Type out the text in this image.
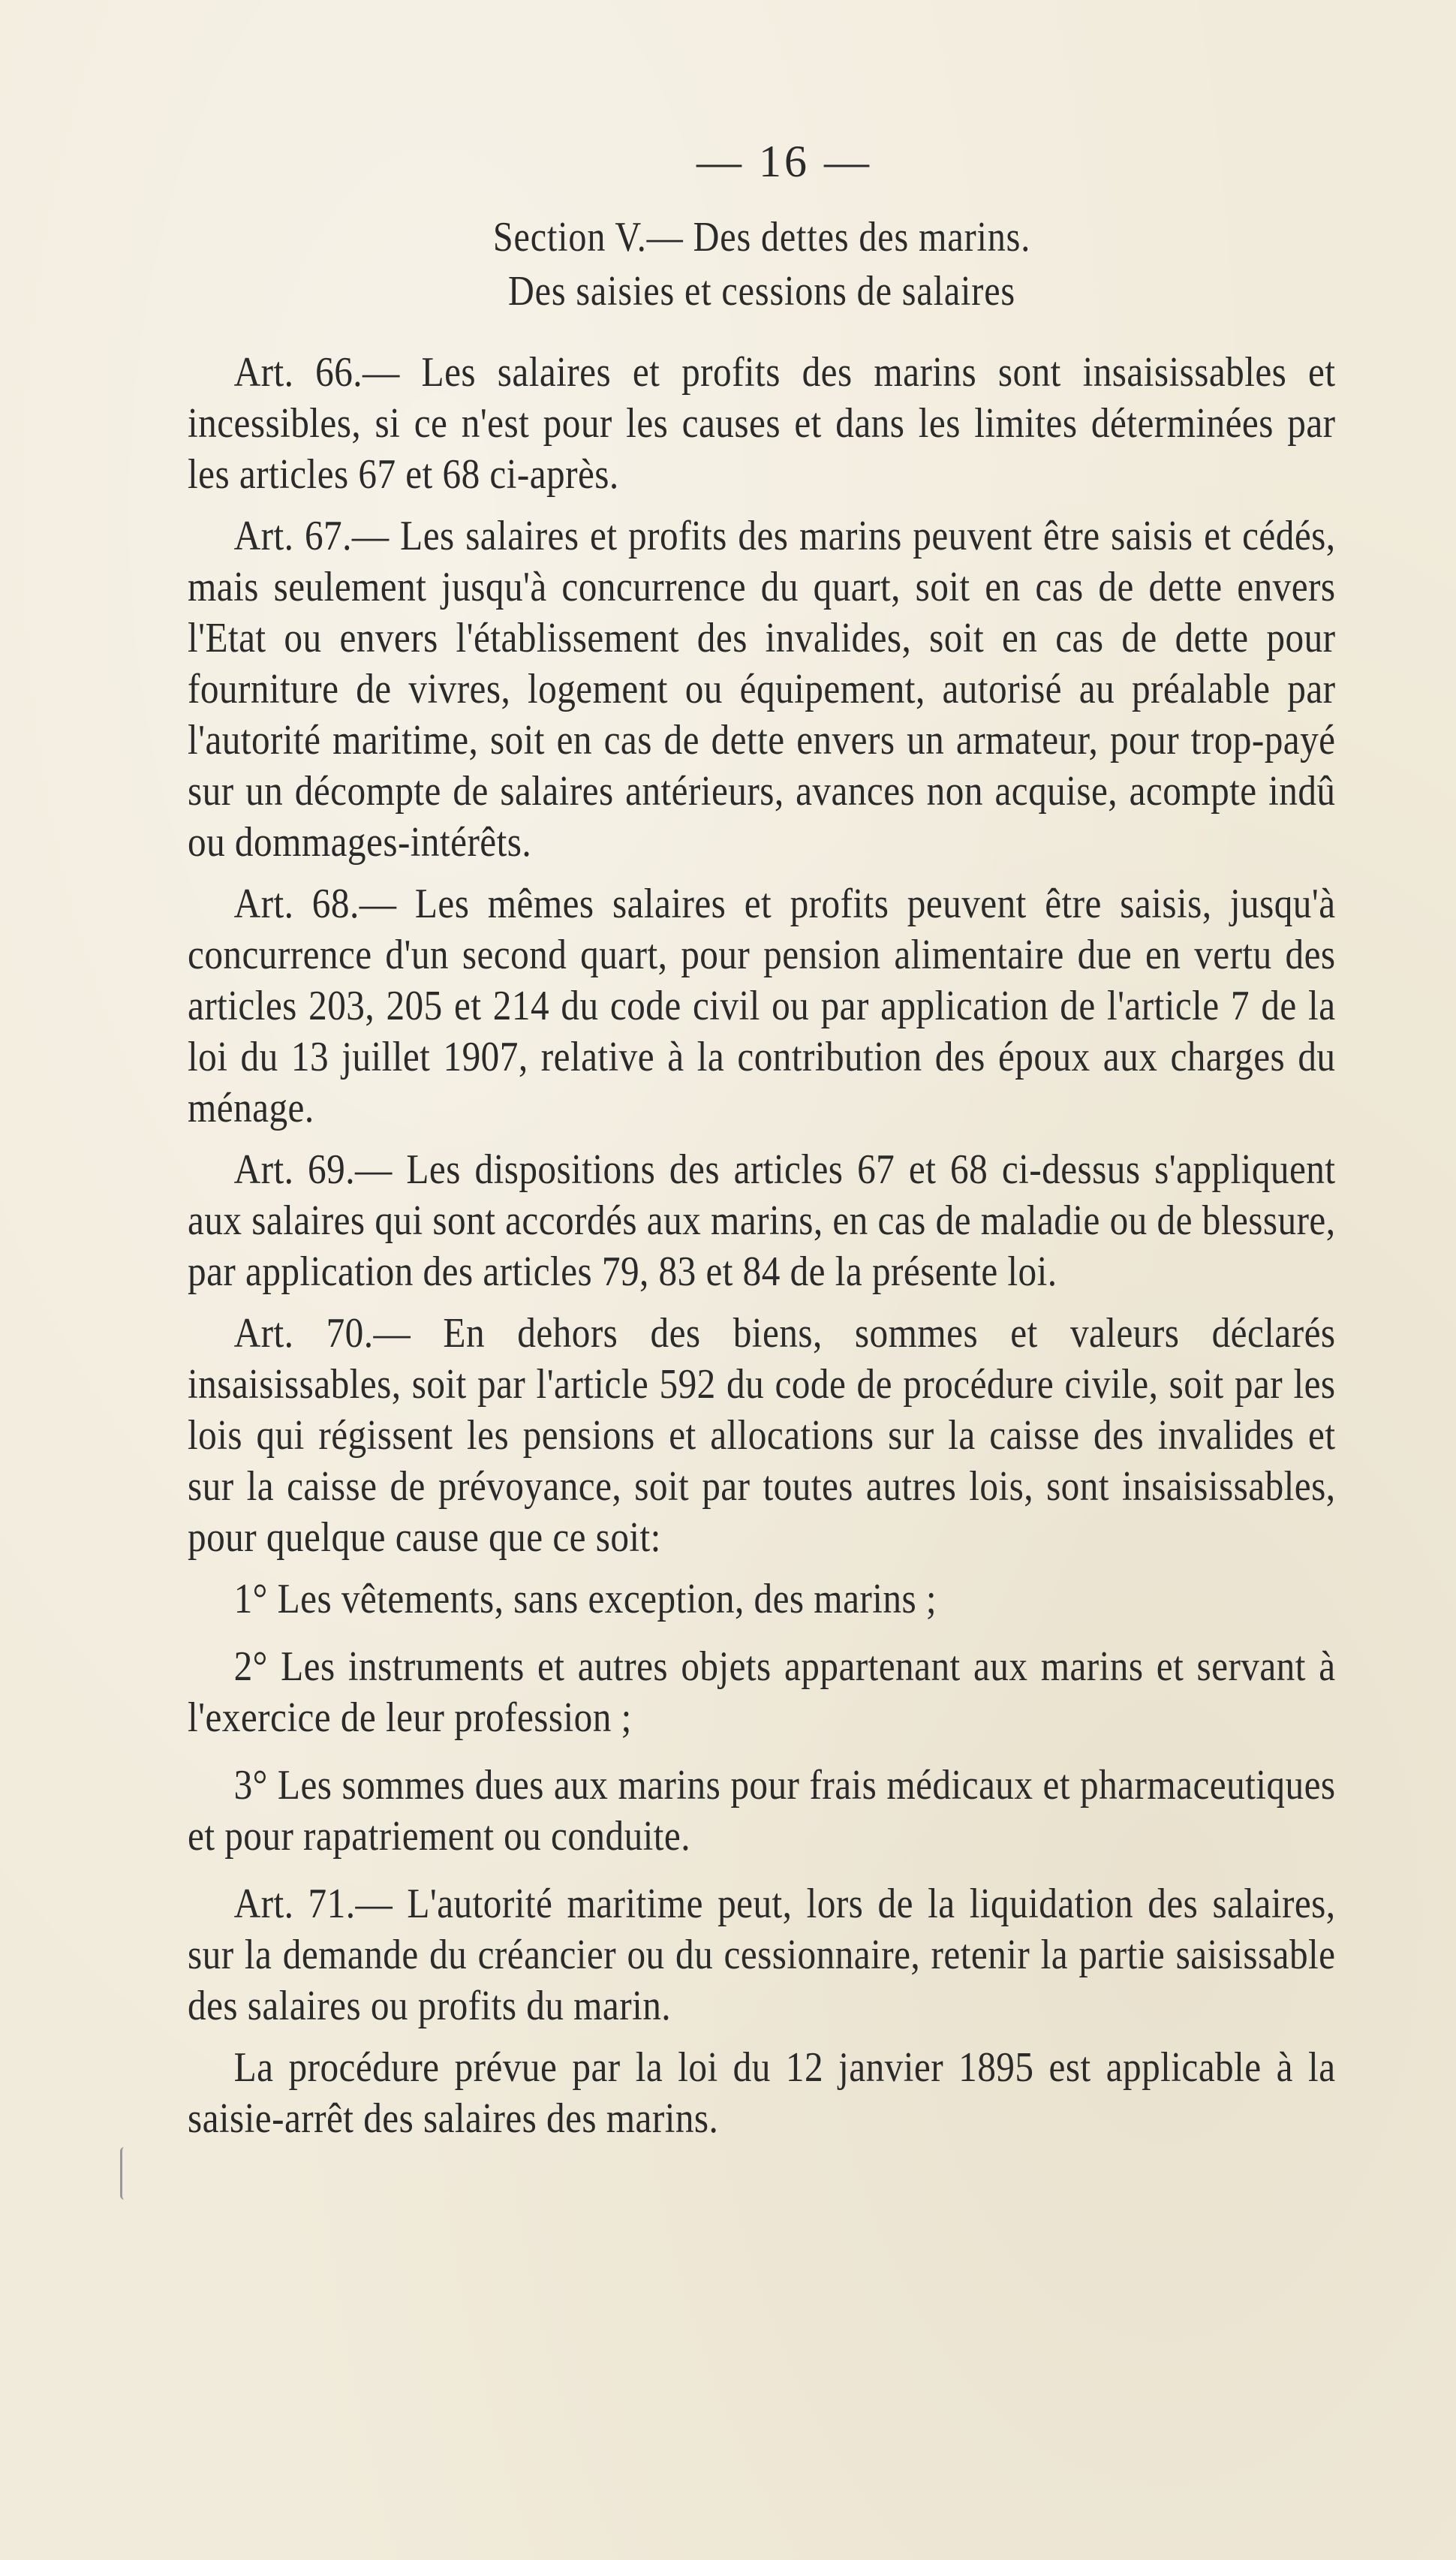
— 16 —
Section V.— Des dettes des marins.
Des saisies et cessions de salaires

Art. 66.— Les salaires et profits des marins sont insaisissables et incessibles, si ce n'est pour les causes et dans les limites déterminées par les articles 67 et 68 ci-après.

Art. 67.— Les salaires et profits des marins peuvent être saisis et cédés, mais seulement jusqu'à concurrence du quart, soit en cas de dette envers l'Etat ou envers l'établissement des invalides, soit en cas de dette pour fourniture de vivres, logement ou équipement, autorisé au préalable par l'autorité maritime, soit en cas de dette envers un armateur, pour trop-payé sur un décompte de salaires antérieurs, avances non acquise, acompte indû ou dommages-intérêts.

Art. 68.— Les mêmes salaires et profits peuvent être saisis, jusqu'à concurrence d'un second quart, pour pension alimentaire due en vertu des articles 203, 205 et 214 du code civil ou par application de l'article 7 de la loi du 13 juillet 1907, relative à la contribution des époux aux charges du ménage.

Art. 69.— Les dispositions des articles 67 et 68 ci-dessus s'appliquent aux salaires qui sont accordés aux marins, en cas de maladie ou de blessure, par application des articles 79, 83 et 84 de la présente loi.

Art. 70.— En dehors des biens, sommes et valeurs déclarés insaisissables, soit par l'article 592 du code de procédure civile, soit par les lois qui régissent les pensions et allocations sur la caisse des invalides et sur la caisse de prévoyance, soit par toutes autres lois, sont insaisissables, pour quelque cause que ce soit:

1° Les vêtements, sans exception, des marins ;

2° Les instruments et autres objets appartenant aux marins et servant à l'exercice de leur profession ;

3° Les sommes dues aux marins pour frais médicaux et pharmaceutiques et pour rapatriement ou conduite.

Art. 71.— L'autorité maritime peut, lors de la liquidation des salaires, sur la demande du créancier ou du cessionnaire, retenir la partie saisissable des salaires ou profits du marin.

La procédure prévue par la loi du 12 janvier 1895 est applicable à la saisie-arrêt des salaires des marins.
